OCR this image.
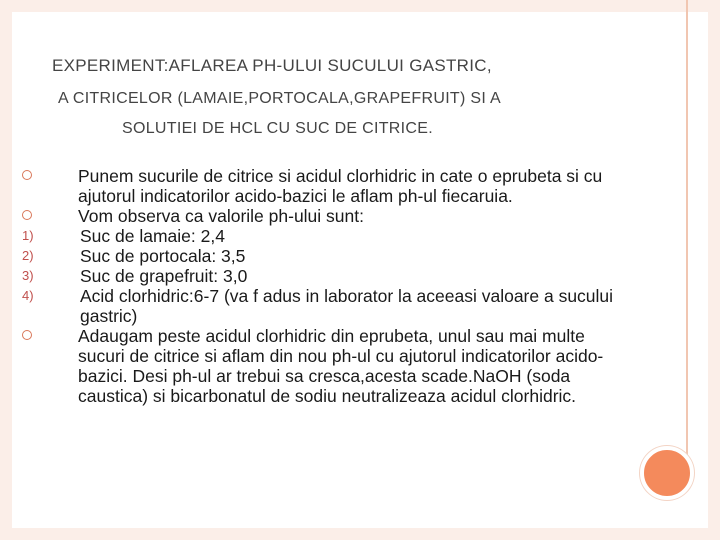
EXPERIMENT:AFLAREA PH-ULUI SUCULUI GASTRIC,
A CITRICELOR (LAMAIE,PORTOCALA,GRAPEFRUIT) SI A
SOLUTIEI DE HCL CU SUC DE CITRICE.
Punem sucurile de citrice si acidul clorhidric in cate o eprubeta si cu ajutorul indicatorilor acido-bazici le aflam ph-ul fiecaruia.
Vom observa ca valorile ph-ului sunt:
1)	Suc de lamaie: 2,4
2)	Suc de portocala: 3,5
3)	Suc de grapefruit: 3,0
4)	Acid clorhidric:6-7 (va f adus in laborator la aceeasi valoare a sucului gastric)
Adaugam peste acidul clorhidric din eprubeta, unul sau mai multe sucuri de citrice si aflam din nou ph-ul cu ajutorul indicatorilor acido-bazici. Desi ph-ul ar trebui sa cresca,acesta scade.NaOH (soda caustica) si bicarbonatul de sodiu neutralizeaza acidul clorhidric.
